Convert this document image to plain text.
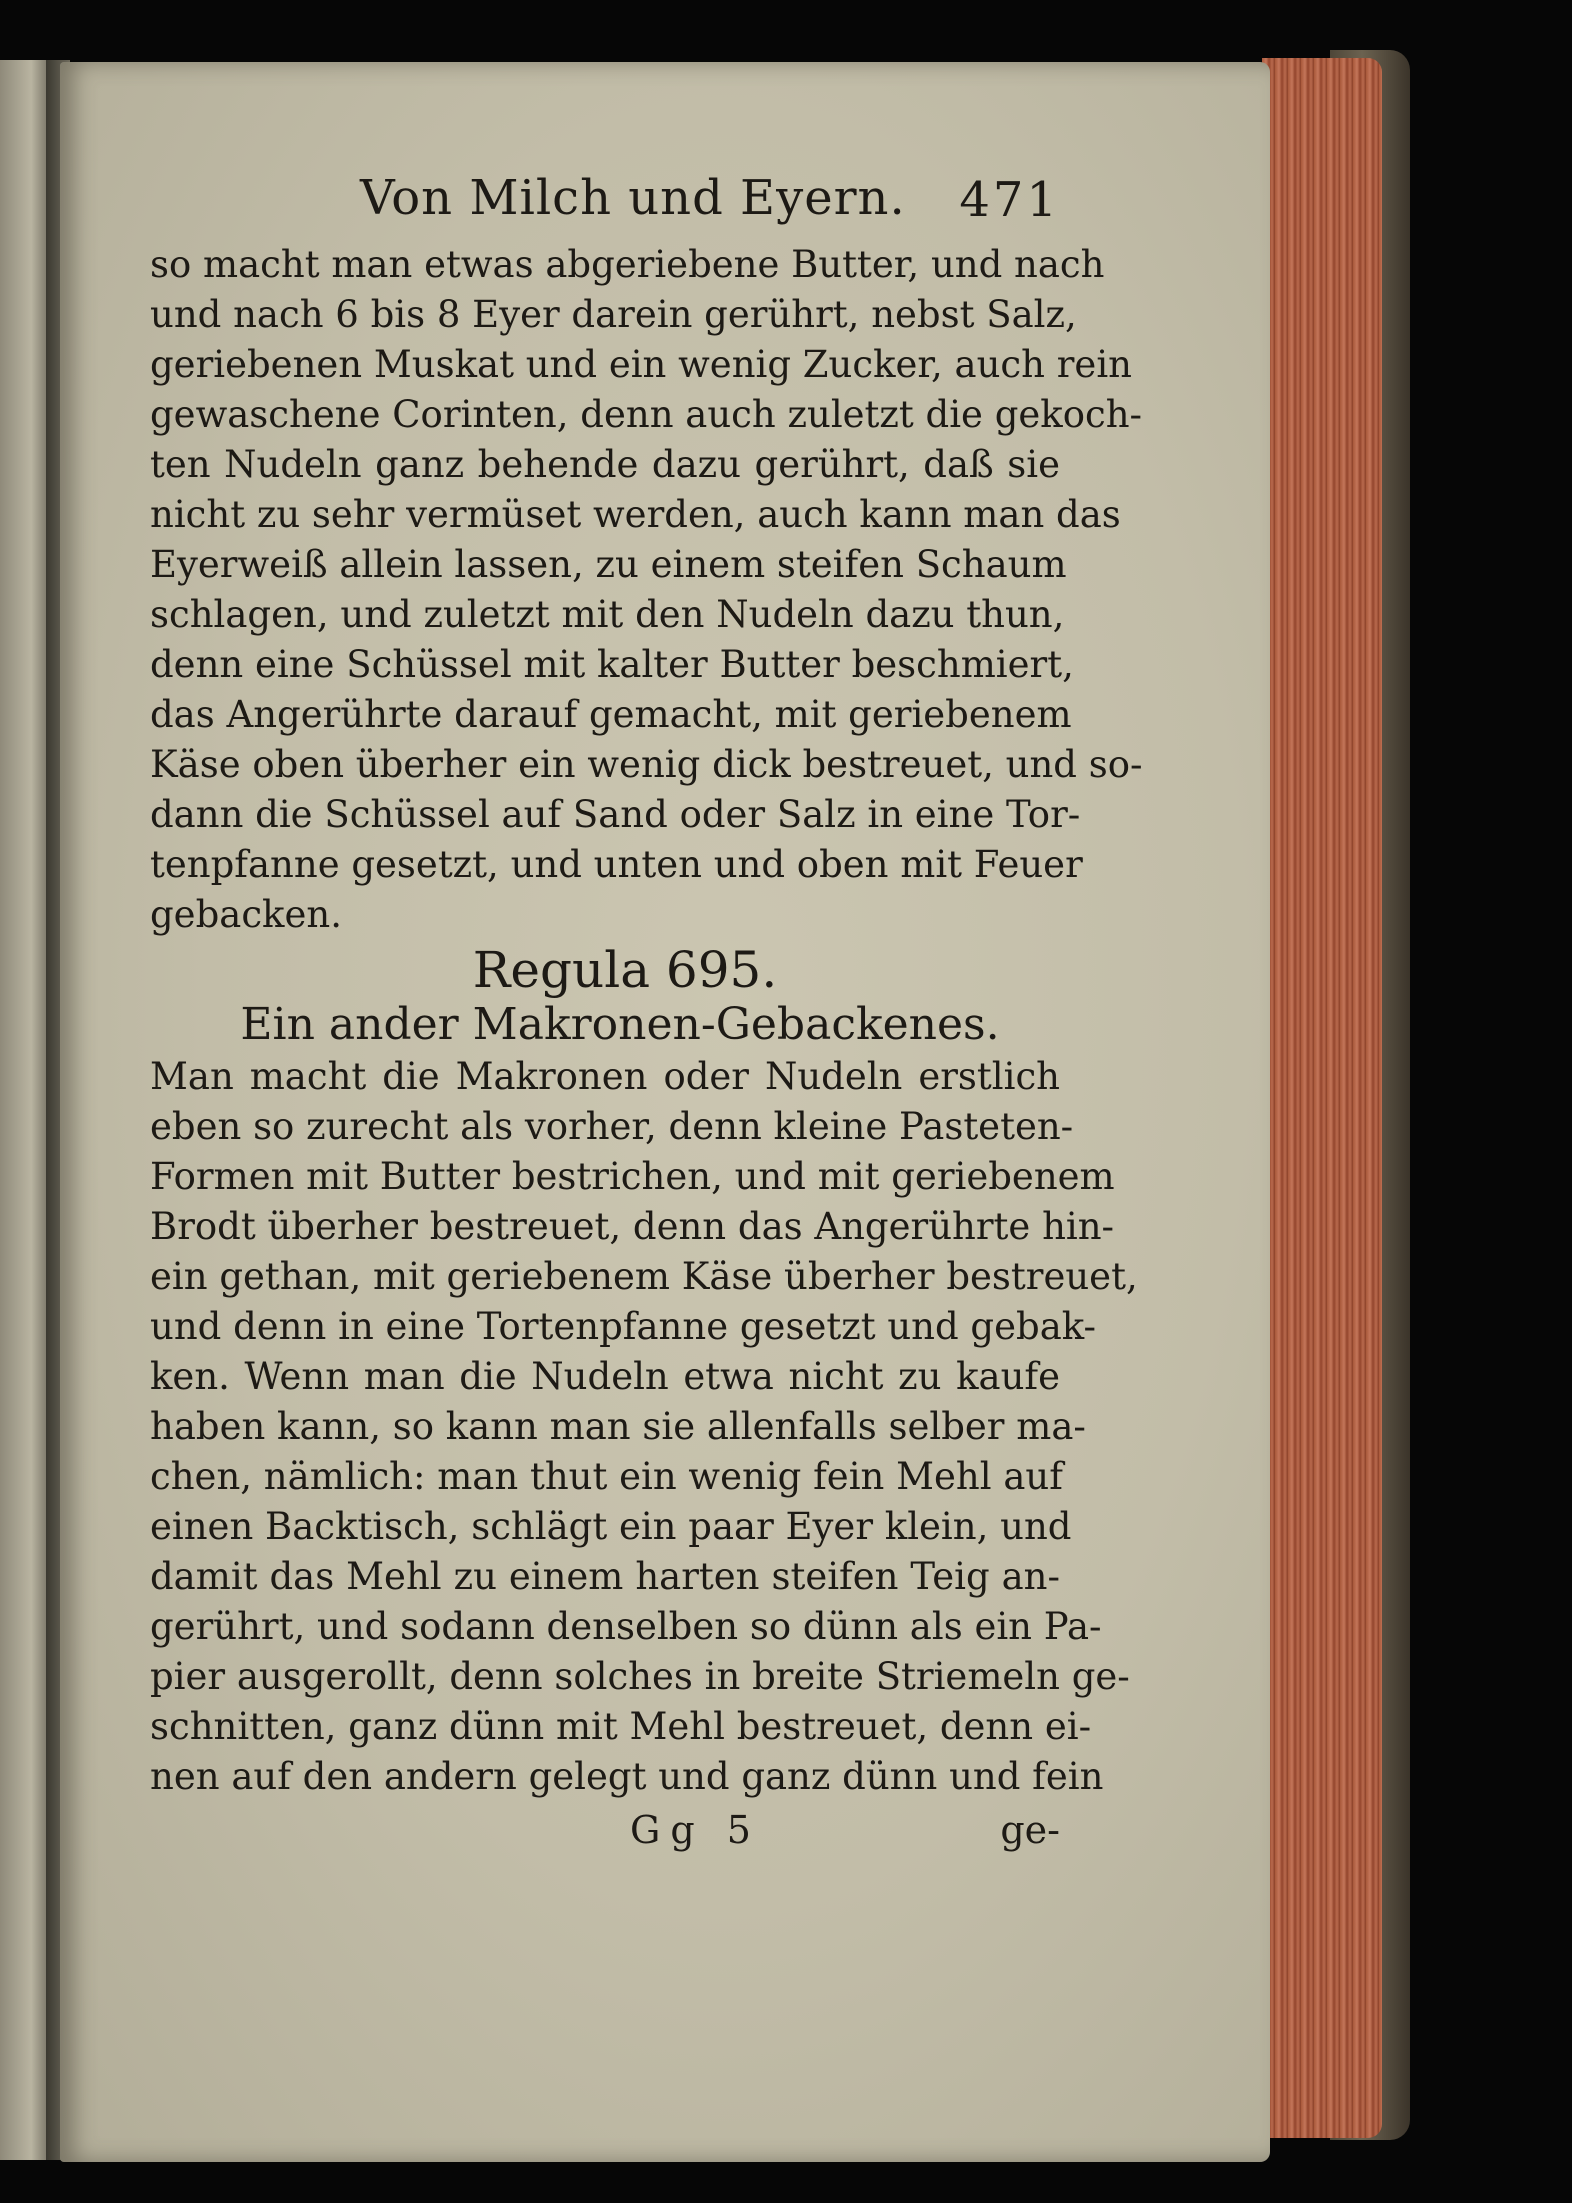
Von Milch und Eyern. 471
so macht man etwas abgeriebene Butter, und nach
und nach 6 bis 8 Eyer darein gerührt, nebst Salz,
geriebenen Muskat und ein wenig Zucker, auch rein
gewaschene Corinten, denn auch zuletzt die gekoch-
ten Nudeln ganz behende dazu gerührt, daß sie
nicht zu sehr vermüset werden, auch kann man das
Eyerweiß allein lassen, zu einem steifen Schaum
schlagen, und zuletzt mit den Nudeln dazu thun,
denn eine Schüssel mit kalter Butter beschmiert,
das Angerührte darauf gemacht, mit geriebenem
Käse oben überher ein wenig dick bestreuet, und so-
dann die Schüssel auf Sand oder Salz in eine Tor-
tenpfanne gesetzt, und unten und oben mit Feuer
gebacken.
Regula 695.
Ein ander Makronen-Gebackenes.
Man macht die Makronen oder Nudeln erstlich
eben so zurecht als vorher, denn kleine Pasteten-
Formen mit Butter bestrichen, und mit geriebenem
Brodt überher bestreuet, denn das Angerührte hin-
ein gethan, mit geriebenem Käse überher bestreuet,
und denn in eine Tortenpfanne gesetzt und gebak-
ken. Wenn man die Nudeln etwa nicht zu kaufe
haben kann, so kann man sie allenfalls selber ma-
chen, nämlich: man thut ein wenig fein Mehl auf
einen Backtisch, schlägt ein paar Eyer klein, und
damit das Mehl zu einem harten steifen Teig an-
gerührt, und sodann denselben so dünn als ein Pa-
pier ausgerollt, denn solches in breite Striemeln ge-
schnitten, ganz dünn mit Mehl bestreuet, denn ei-
nen auf den andern gelegt und ganz dünn und fein
Gg 5	ge-
